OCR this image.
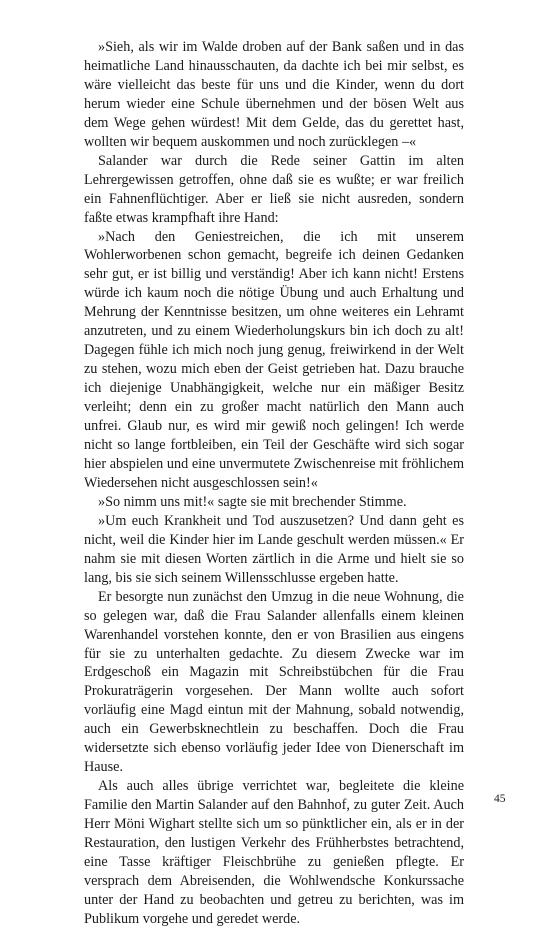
»Sieh, als wir im Walde droben auf der Bank saßen und in das heimatliche Land hinausschauten, da dachte ich bei mir selbst, es wäre vielleicht das beste für uns und die Kinder, wenn du dort herum wieder eine Schule übernehmen und der bösen Welt aus dem Wege gehen würdest! Mit dem Gelde, das du gerettet hast, wollten wir bequem auskommen und noch zurücklegen –«

Salander war durch die Rede seiner Gattin im alten Lehrergewissen getroffen, ohne daß sie es wußte; er war freilich ein Fahnenflüchtiger. Aber er ließ sie nicht ausreden, sondern faßte etwas krampfhaft ihre Hand:

»Nach den Geniestreichen, die ich mit unserem Wohlerworbenen schon gemacht, begreife ich deinen Gedanken sehr gut, er ist billig und verständig! Aber ich kann nicht! Erstens würde ich kaum noch die nötige Übung und auch Erhaltung und Mehrung der Kenntnisse besitzen, um ohne weiteres ein Lehramt anzutreten, und zu einem Wiederholungskurs bin ich doch zu alt! Dagegen fühle ich mich noch jung genug, freiwirkend in der Welt zu stehen, wozu mich eben der Geist getrieben hat. Dazu brauche ich diejenige Unabhängigkeit, welche nur ein mäßiger Besitz verleiht; denn ein zu großer macht natürlich den Mann auch unfrei. Glaub nur, es wird mir gewiß noch gelingen! Ich werde nicht so lange fortbleiben, ein Teil der Geschäfte wird sich sogar hier abspielen und eine unvermutete Zwischenreise mit fröhlichem Wiedersehen nicht ausgeschlossen sein!«

»So nimm uns mit!« sagte sie mit brechender Stimme.

»Um euch Krankheit und Tod auszusetzen? Und dann geht es nicht, weil die Kinder hier im Lande geschult werden müssen.« Er nahm sie mit diesen Worten zärtlich in die Arme und hielt sie so lang, bis sie sich seinem Willensschlusse ergeben hatte.

Er besorgte nun zunächst den Umzug in die neue Wohnung, die so gelegen war, daß die Frau Salander allenfalls einem kleinen Warenhandel vorstehen konnte, den er von Brasilien aus eingens für sie zu unterhalten gedachte. Zu diesem Zwecke war im Erdgeschoß ein Magazin mit Schreibstübchen für die Frau Prokuraträgerin vorgesehen. Der Mann wollte auch sofort vorläufig eine Magd eintun mit der Mahnung, sobald notwendig, auch ein Gewerbsknechtlein zu beschaffen. Doch die Frau widersetzte sich ebenso vorläufig jeder Idee von Dienerschaft im Hause.

Als auch alles übrige verrichtet war, begleitete die kleine Familie den Martin Salander auf den Bahnhof, zu guter Zeit. Auch Herr Möni Wighart stellte sich um so pünktlicher ein, als er in der Restauration, den lustigen Verkehr des Frühherbstes betrachtend, eine Tasse kräftiger Fleischbrühe zu genießen pflegte. Er versprach dem Abreisenden, die Wohlwendsche Konkurssache unter der Hand zu beobachten und getreu zu berichten, was im Publikum vorgehe und geredet werde.

45
